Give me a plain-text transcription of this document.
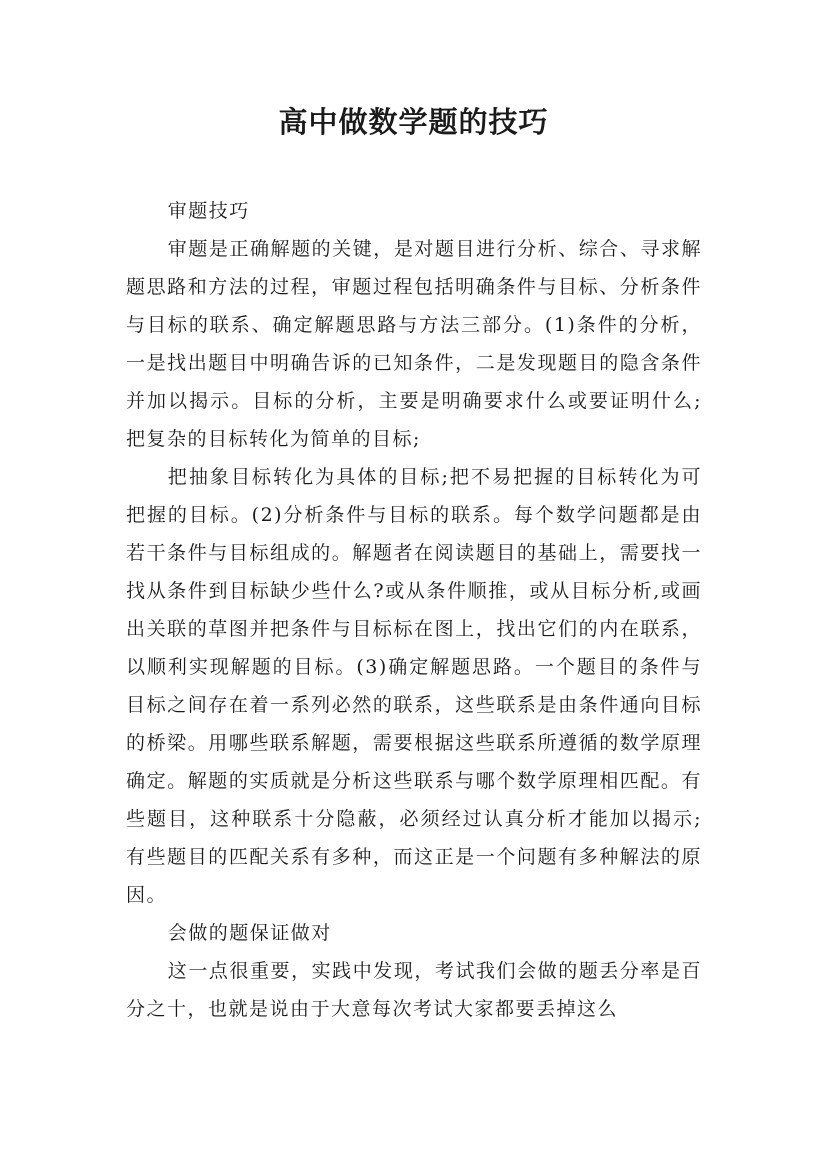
高中做数学题的技巧

审题技巧

审题是正确解题的关键，是对题目进行分析、综合、寻求解题思路和方法的过程，审题过程包括明确条件与目标、分析条件与目标的联系、确定解题思路与方法三部分。(1)条件的分析，一是找出题目中明确告诉的已知条件，二是发现题目的隐含条件并加以揭示。目标的分析，主要是明确要求什么或要证明什么;把复杂的目标转化为简单的目标;

把抽象目标转化为具体的目标;把不易把握的目标转化为可把握的目标。(2)分析条件与目标的联系。每个数学问题都是由若干条件与目标组成的。解题者在阅读题目的基础上，需要找一找从条件到目标缺少些什么?或从条件顺推，或从目标分析,或画出关联的草图并把条件与目标标在图上，找出它们的内在联系，以顺利实现解题的目标。(3)确定解题思路。一个题目的条件与目标之间存在着一系列必然的联系，这些联系是由条件通向目标的桥梁。用哪些联系解题，需要根据这些联系所遵循的数学原理确定。解题的实质就是分析这些联系与哪个数学原理相匹配。有些题目，这种联系十分隐蔽，必须经过认真分析才能加以揭示;有些题目的匹配关系有多种，而这正是一个问题有多种解法的原因。

会做的题保证做对

这一点很重要，实践中发现，考试我们会做的题丢分率是百分之十，也就是说由于大意每次考试大家都要丢掉这么
